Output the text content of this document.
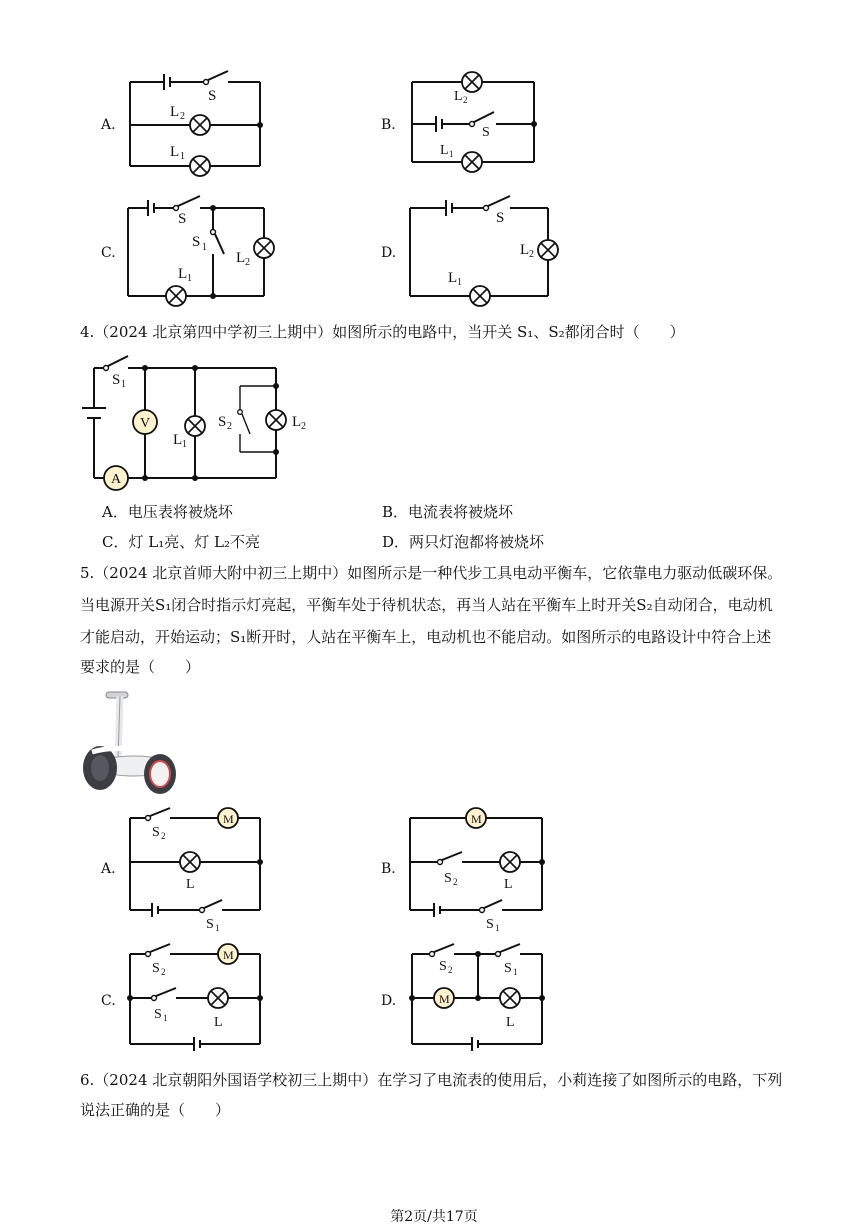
A.
S
L 2
L 1
B.
L 2
S
L 1
C.
S
S 1
L 2
L 1
D.
S
L 2
L 1
4.（2024 北京第四中学初三上期中）如图所示的电路中，当开关 S₁、S₂都闭合时（　　）
S 1
V
A
L 1
S 2	L 2
A．电压表将被烧坏	B．电流表将被烧坏
C．灯 L₁亮、灯 L₂不亮	D．两只灯泡都将被烧坏
5.（2024 北京首师大附中初三上期中）如图所示是一种代步工具电动平衡车，它依靠电力驱动低碳环保。
当电源开关S₁闭合时指示灯亮起，平衡车处于待机状态，再当人站在平衡车上时开关S₂自动闭合，电动机
才能启动，开始运动；S₁断开时，人站在平衡车上，电动机也不能启动。如图所示的电路设计中符合上述
要求的是（　　）
A.
M
S 2
L
S 1
B.
M
S 2	L
S 1
C.
M
S 2
S 1	L
D.
S 2	S 1
M
L
6.（2024 北京朝阳外国语学校初三上期中）在学习了电流表的使用后，小莉连接了如图所示的电路，下列
说法正确的是（　　）
第2页/共17页
